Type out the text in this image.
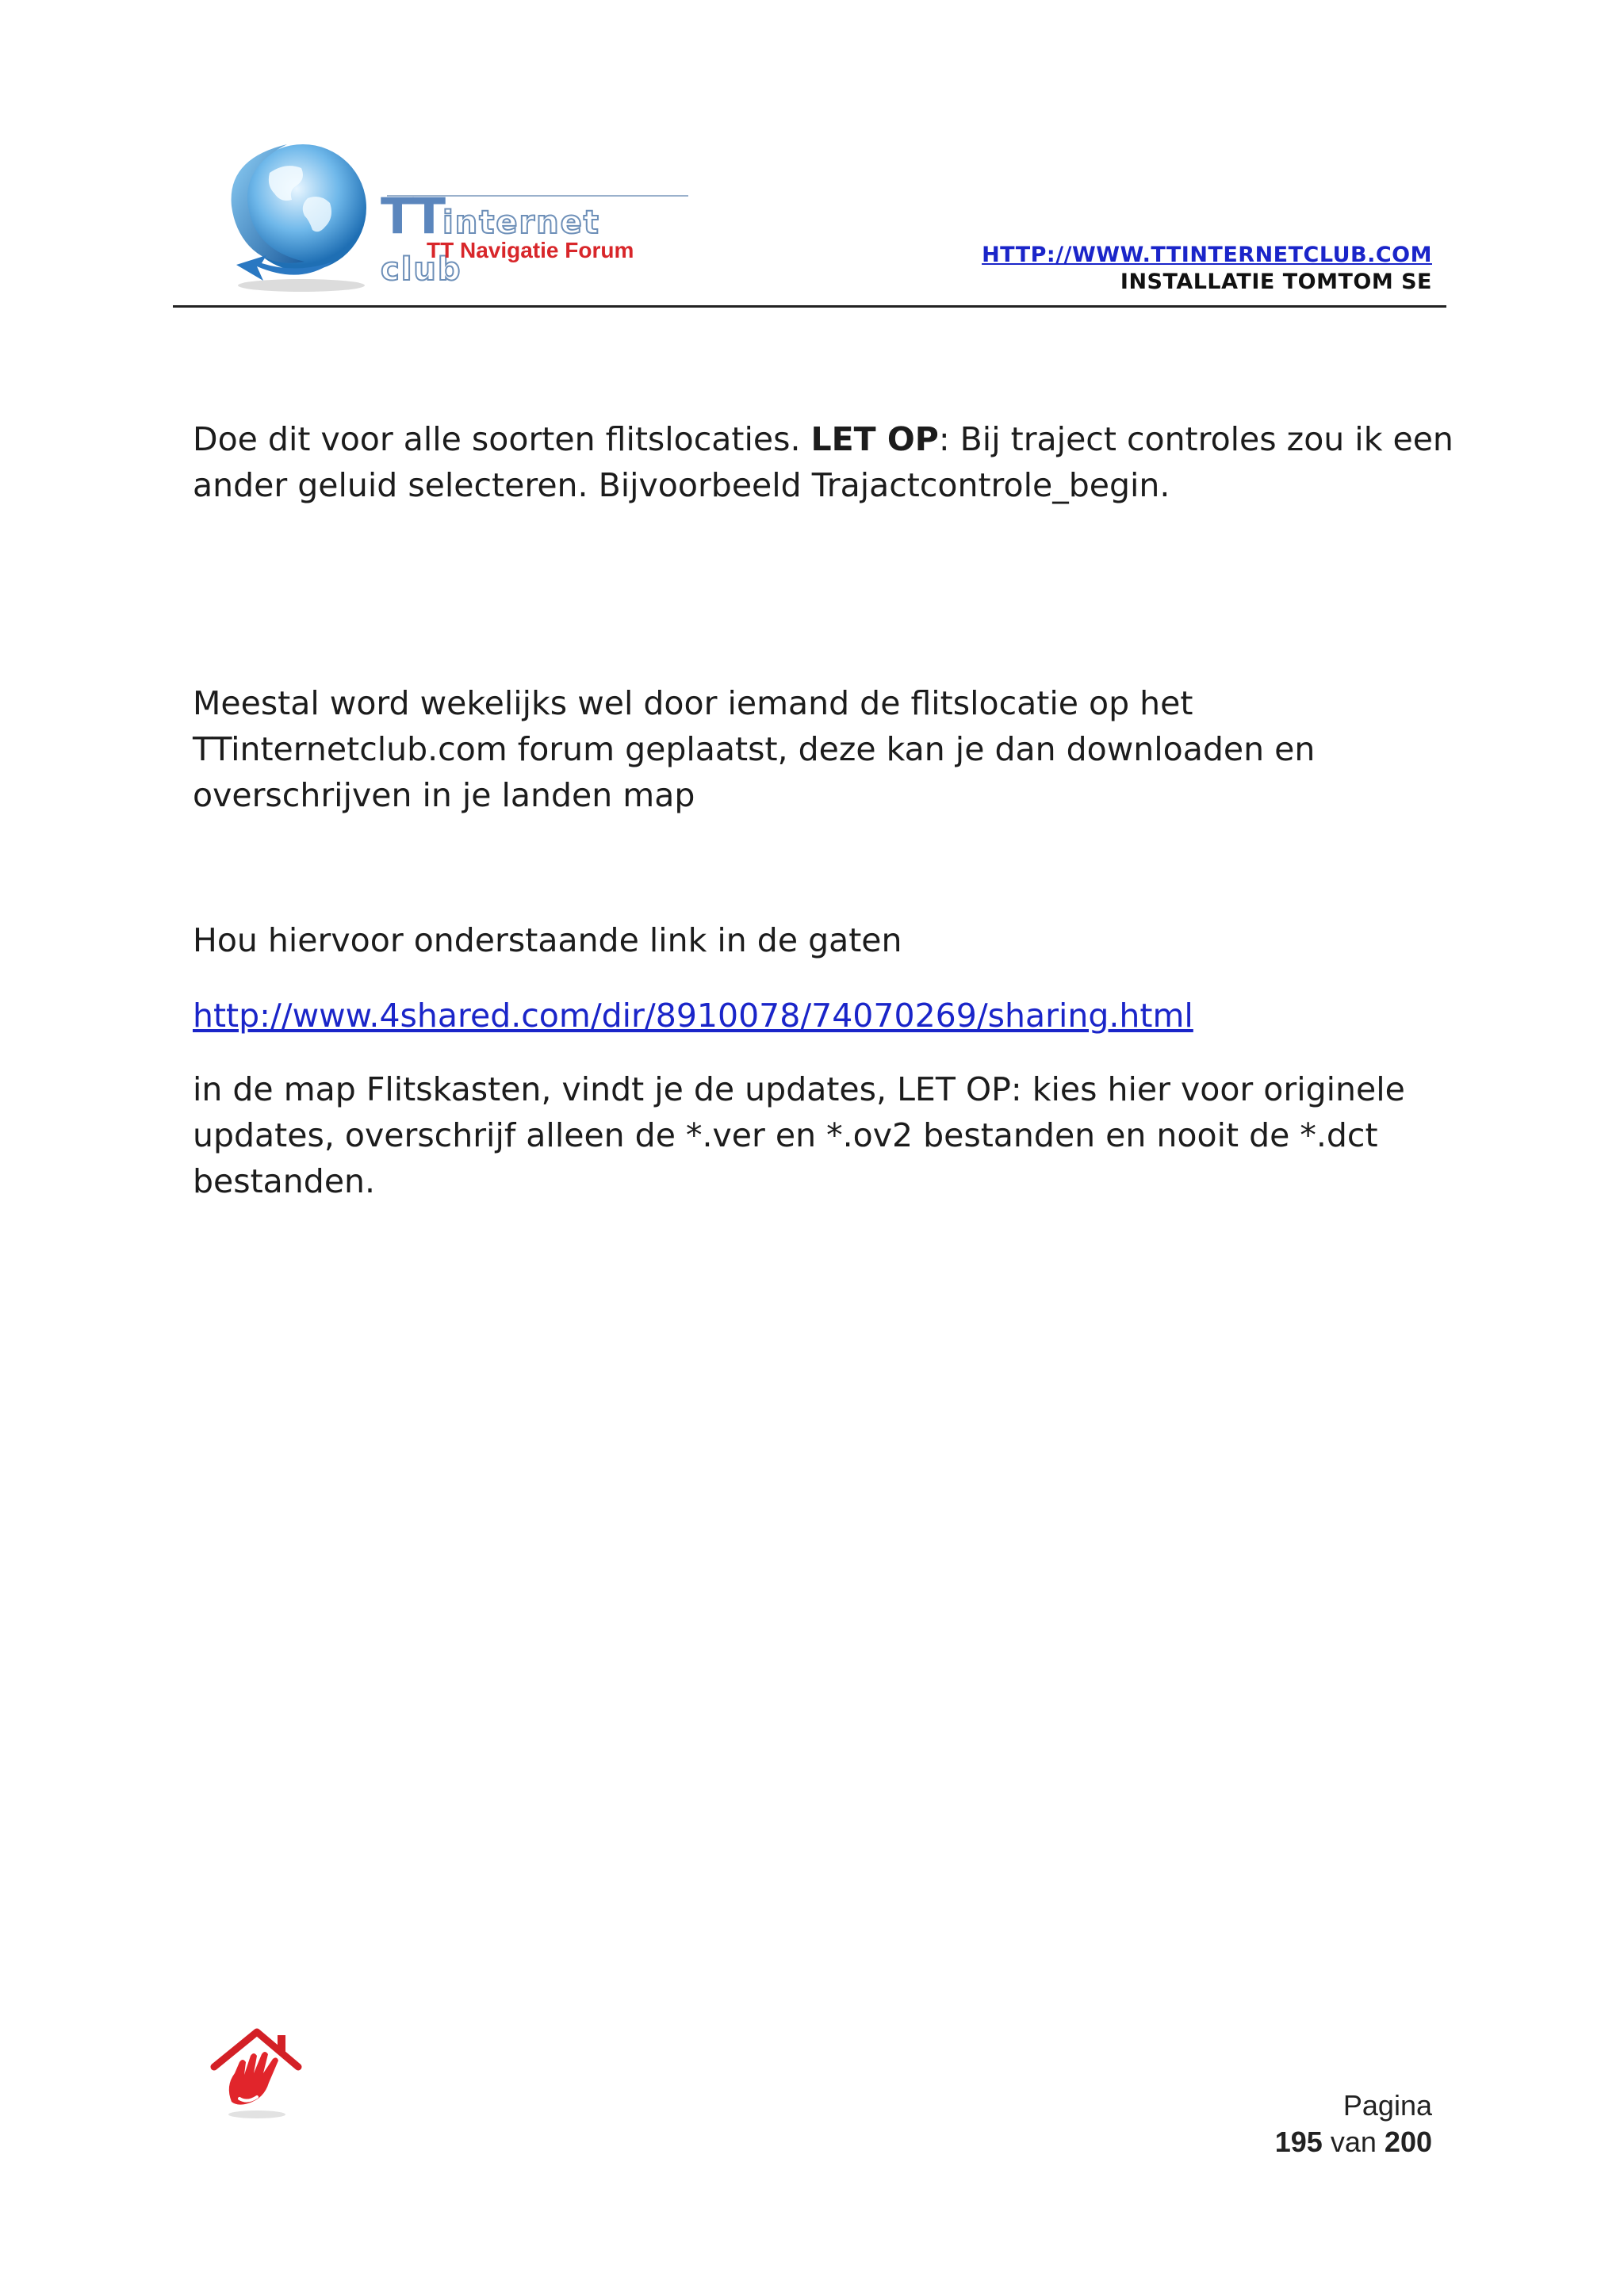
TTinternet club
TT Navigatie Forum	HTTP://WWW.TTINTERNETCLUB.COM
INSTALLATIE TOMTOM SE

Doe dit voor alle soorten flitslocaties. LET OP: Bij traject controles zou ik een ander geluid selecteren. Bijvoorbeeld Trajactcontrole_begin.

Meestal word wekelijks wel door iemand de flitslocatie op het TTinternetclub.com forum geplaatst, deze kan je dan downloaden en overschrijven in je landen map

Hou hiervoor onderstaande link in de gaten

http://www.4shared.com/dir/8910078/74070269/sharing.html

in de map Flitskasten, vindt je de updates, LET OP: kies hier voor originele updates, overschrijf alleen de *.ver en *.ov2 bestanden en nooit de *.dct bestanden.

Pagina
195 van 200
